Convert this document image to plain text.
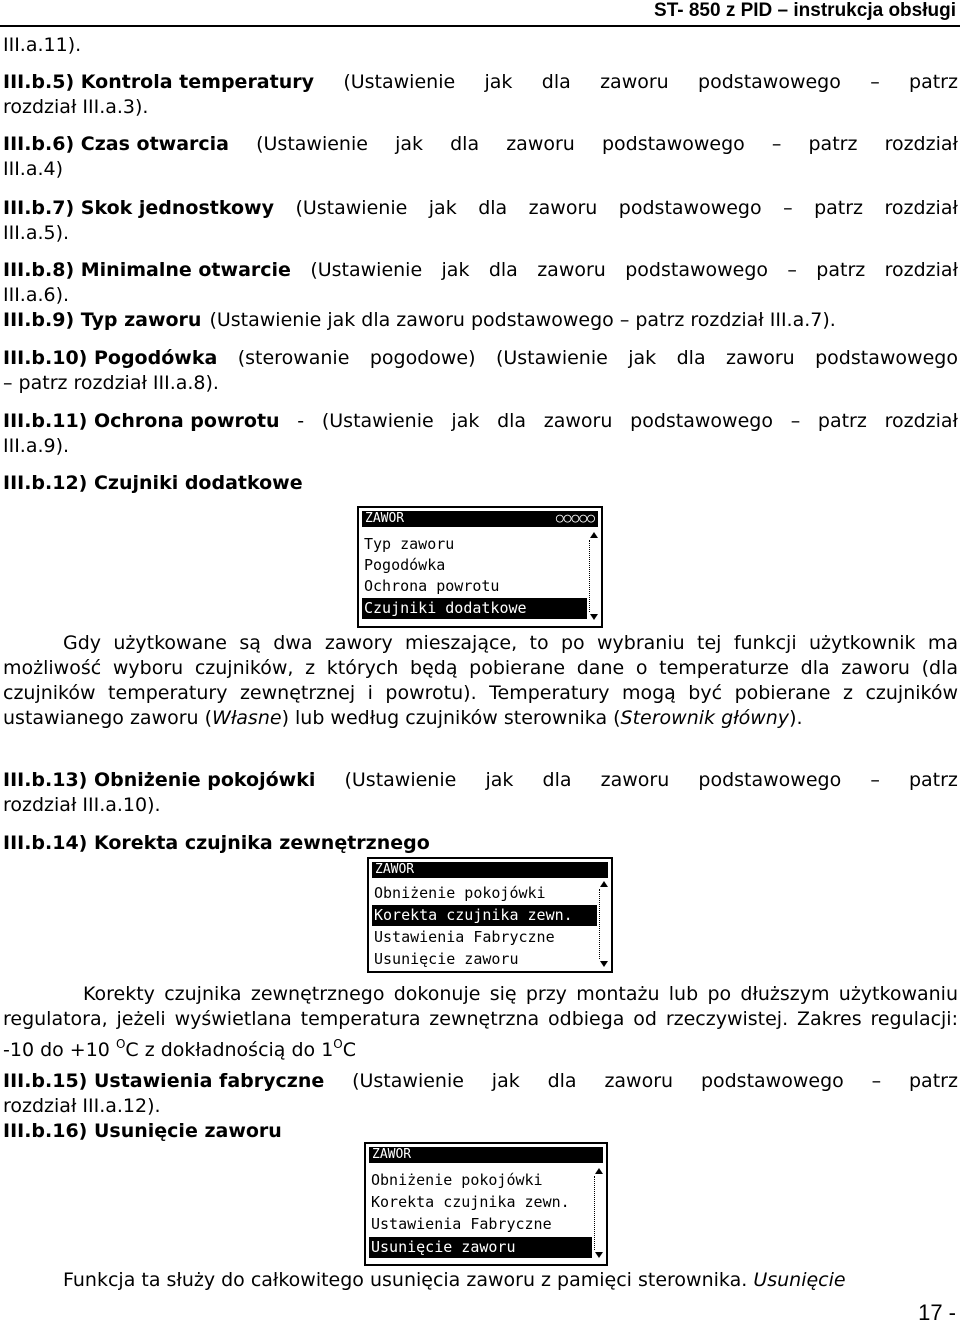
ST- 850 z PID – instrukcja obsługi
III.a.11).
III.b.5) Kontrola temperatury (Ustawienie jak dla zaworu podstawowego – patrz
rozdział III.a.3).
III.b.6) Czas otwarcia (Ustawienie jak dla zaworu podstawowego – patrz rozdział
III.a.4)
III.b.7) Skok jednostkowy (Ustawienie jak dla zaworu podstawowego – patrz rozdział
III.a.5).
III.b.8) Minimalne otwarcie (Ustawienie jak dla zaworu podstawowego – patrz rozdział
III.a.6).
III.b.9) Typ zaworu (Ustawienie jak dla zaworu podstawowego – patrz rozdział III.a.7).
III.b.10) Pogodówka (sterowanie pogodowe) (Ustawienie jak dla zaworu podstawowego
– patrz rozdział III.a.8).
III.b.11) Ochrona powrotu - (Ustawienie jak dla zaworu podstawowego – patrz rozdział
III.a.9).
III.b.12) Czujniki dodatkowe
ZAWÓR	○○○○○
Typ zaworu
Pogodówka
Ochrona powrotu
Czujniki dodatkowe
Gdy użytkowane są dwa zawory mieszające, to po wybraniu tej funkcji użytkownik ma możliwość wyboru czujników, z których będą pobierane dane o temperaturze dla zaworu (dla czujników temperatury zewnętrznej i powrotu). Temperatury mogą być pobierane z czujników ustawianego zaworu (Własne) lub według czujników sterownika (Sterownik główny).
III.b.13) Obniżenie pokojówki (Ustawienie jak dla zaworu podstawowego – patrz
rozdział III.a.10).
III.b.14) Korekta czujnika zewnętrznego
ZAWÓR
Obniżenie pokojówki
Korekta czujnika zewn.
Ustawienia Fabryczne
Usunięcie zaworu
Korekty czujnika zewnętrznego dokonuje się przy montażu lub po dłuższym użytkowaniu regulatora, jeżeli wyświetlana temperatura zewnętrzna odbiega od rzeczywistej. Zakres regulacji: -10 do +10 $^O$C z dokładnością do $1^OC$
III.b.15) Ustawienia fabryczne (Ustawienie jak dla zaworu podstawowego – patrz
rozdział III.a.12).
III.b.16) Usunięcie zaworu
ZAWÓR
Obniżenie pokojówki
Korekta czujnika zewn.
Ustawienia Fabryczne
Usunięcie zaworu
Funkcja ta służy do całkowitego usunięcia zaworu z pamięci sterownika. Usunięcie
17 -
